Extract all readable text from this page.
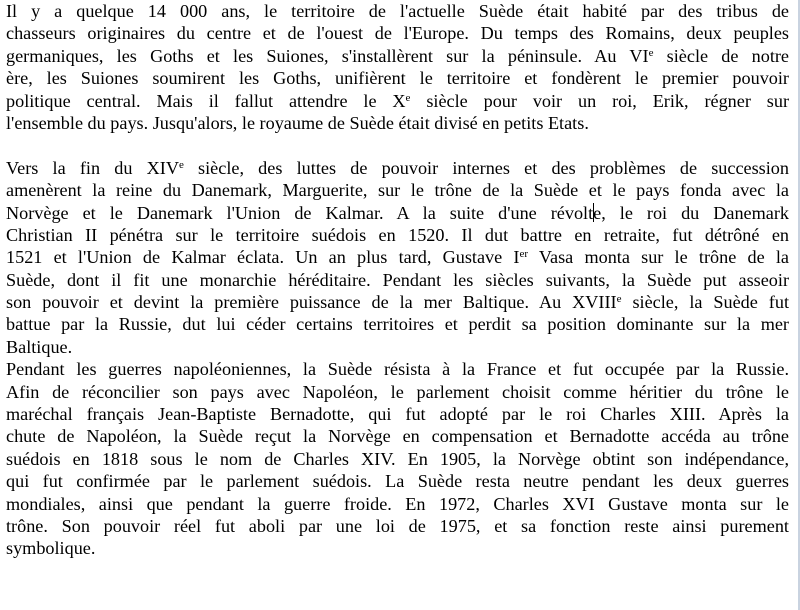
Il y a quelque 14 000 ans, le territoire de l'actuelle Suède était habité par des tribus de
chasseurs originaires du centre et de l'ouest de l'Europe. Du temps des Romains, deux peuples
germaniques, les Goths et les Suiones, s'installèrent sur la péninsule. Au VIe siècle de notre
ère, les Suiones soumirent les Goths, unifièrent le territoire et fondèrent le premier pouvoir
politique central. Mais il fallut attendre le Xe siècle pour voir un roi, Erik, régner sur
l'ensemble du pays. Jusqu'alors, le royaume de Suède était divisé en petits Etats.
Vers la fin du XIVe siècle, des luttes de pouvoir internes et des problèmes de succession
amenèrent la reine du Danemark, Marguerite, sur le trône de la Suède et le pays fonda avec la
Norvège et le Danemark l'Union de Kalmar. A la suite d'une révolte, le roi du Danemark
Christian II pénétra sur le territoire suédois en 1520. Il dut battre en retraite, fut détrôné en
1521 et l'Union de Kalmar éclata. Un an plus tard, Gustave Ier Vasa monta sur le trône de la
Suède, dont il fit une monarchie héréditaire. Pendant les siècles suivants, la Suède put asseoir
son pouvoir et devint la première puissance de la mer Baltique. Au XVIIIe siècle, la Suède fut
battue par la Russie, dut lui céder certains territoires et perdit sa position dominante sur la mer
Baltique.
Pendant les guerres napoléoniennes, la Suède résista à la France et fut occupée par la Russie.
Afin de réconcilier son pays avec Napoléon, le parlement choisit comme héritier du trône le
maréchal français Jean-Baptiste Bernadotte, qui fut adopté par le roi Charles XIII. Après la
chute de Napoléon, la Suède reçut la Norvège en compensation et Bernadotte accéda au trône
suédois en 1818 sous le nom de Charles XIV. En 1905, la Norvège obtint son indépendance,
qui fut confirmée par le parlement suédois. La Suède resta neutre pendant les deux guerres
mondiales, ainsi que pendant la guerre froide. En 1972, Charles XVI Gustave monta sur le
trône. Son pouvoir réel fut aboli par une loi de 1975, et sa fonction reste ainsi purement
symbolique.
